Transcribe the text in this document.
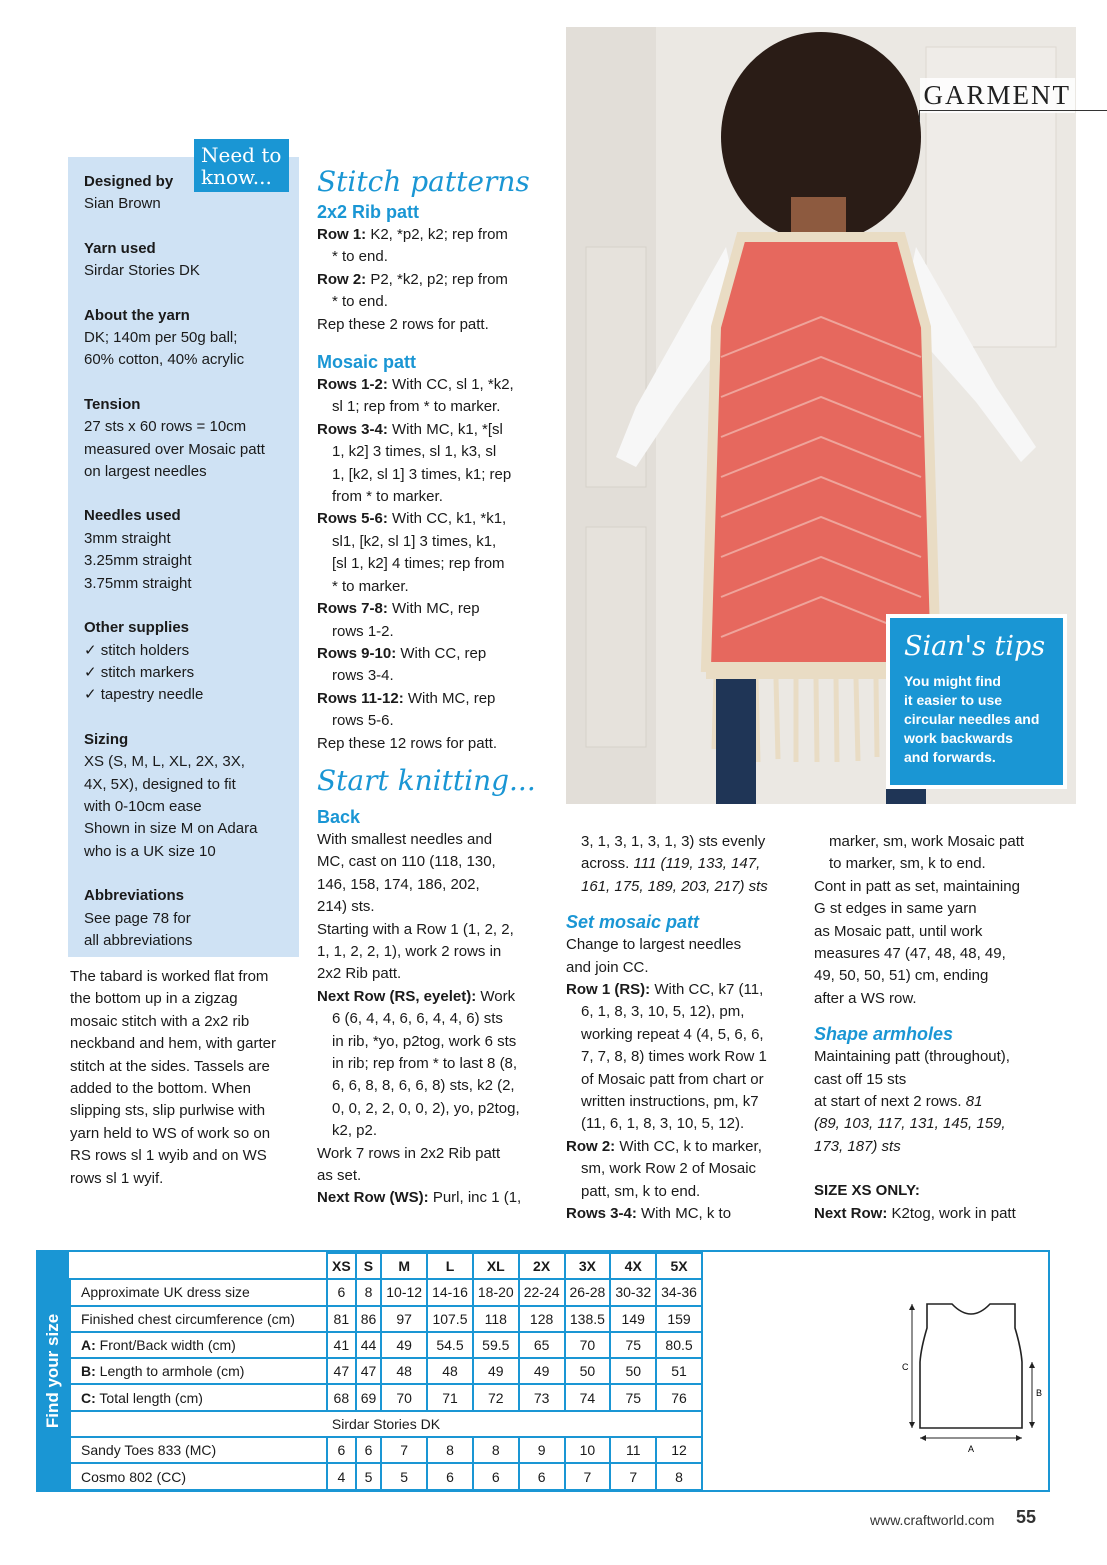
GARMENT
Sian's tips
You might find
it easier to use
circular needles and
work backwards
and forwards.
Designed by
Sian Brown
Yarn used
Sirdar Stories DK
About the yarn
DK; 140m per 50g ball;
60% cotton, 40% acrylic
Tension
27 sts x 60 rows = 10cm
measured over Mosaic patt
on largest needles
Needles used
3mm straight
3.25mm straight
3.75mm straight
Other supplies
✓ stitch holders
✓ stitch markers
✓ tapestry needle
Sizing
XS (S, M, L, XL, 2X, 3X,
4X, 5X), designed to fit
with 0-10cm ease
Shown in size M on Adara
who is a UK size 10
Abbreviations
See page 78 for
all abbreviations
Need to
know...
The tabard is worked flat from
the bottom up in a zigzag
mosaic stitch with a 2x2 rib
neckband and hem, with garter
stitch at the sides. Tassels are
added to the bottom. When
slipping sts, slip purlwise with
yarn held to WS of work so on
RS rows sl 1 wyib and on WS
rows sl 1 wyif.
Stitch patterns
2x2 Rib patt
Row 1: K2, *p2, k2; rep from
* to end.
Row 2: P2, *k2, p2; rep from
* to end.
Rep these 2 rows for patt.
Mosaic patt
Rows 1-2: With CC, sl 1, *k2,
sl 1; rep from * to marker.
Rows 3-4: With MC, k1, *[sl
1, k2] 3 times, sl 1, k3, sl
1, [k2, sl 1] 3 times, k1; rep
from * to marker.
Rows 5-6: With CC, k1, *k1,
sl1, [k2, sl 1] 3 times, k1,
[sl 1, k2] 4 times; rep from
* to marker.
Rows 7-8: With MC, rep
rows 1-2.
Rows 9-10: With CC, rep
rows 3-4.
Rows 11-12: With MC, rep
rows 5-6.
Rep these 12 rows for patt.
Start knitting...
Back
With smallest needles and
MC, cast on 110 (118, 130,
146, 158, 174, 186, 202,
214) sts.
Starting with a Row 1 (1, 2, 2,
1, 1, 2, 2, 1), work 2 rows in
2x2 Rib patt.
Next Row (RS, eyelet): Work
6 (6, 4, 4, 6, 6, 4, 4, 6) sts
in rib, *yo, p2tog, work 6 sts
in rib; rep from * to last 8 (8,
6, 6, 8, 8, 6, 6, 8) sts, k2 (2,
0, 0, 2, 2, 0, 0, 2), yo, p2tog,
k2, p2.
Work 7 rows in 2x2 Rib patt
as set.
Next Row (WS): Purl, inc 1 (1,
3, 1, 3, 1, 3, 1, 3) sts evenly
across. 111 (119, 133, 147,
161, 175, 189, 203, 217) sts
Set mosaic patt
Change to largest needles
and join CC.
Row 1 (RS): With CC, k7 (11,
6, 1, 8, 3, 10, 5, 12), pm,
working repeat 4 (4, 5, 6, 6,
7, 7, 8, 8) times work Row 1
of Mosaic patt from chart or
written instructions, pm, k7
(11, 6, 1, 8, 3, 10, 5, 12).
Row 2: With CC, k to marker,
sm, work Row 2 of Mosaic
patt, sm, k to end.
Rows 3-4: With MC, k to
marker, sm, work Mosaic patt
to marker, sm, k to end.
Cont in patt as set, maintaining
G st edges in same yarn
as Mosaic patt, until work
measures 47 (47, 48, 48, 49,
49, 50, 50, 51) cm, ending
after a WS row.
Shape armholes
Maintaining patt (throughout),
cast off 15 sts
at start of next 2 rows. 81
(89, 103, 117, 131, 145, 159,
173, 187) sts
SIZE XS ONLY:
Next Row: K2tog, work in patt
Find your size
	XS	S	M	L	XL	2X	3X	4X	5X
Approximate UK dress size	6	8	10-12	14-16	18-20	22-24	26-28	30-32	34-36
Finished chest circumference (cm)	81	86	97	107.5	118	128	138.5	149	159
A: Front/Back width (cm)	41	44	49	54.5	59.5	65	70	75	80.5
B: Length to armhole (cm)	47	47	48	48	49	49	50	50	51
C: Total length (cm)	68	69	70	71	72	73	74	75	76
Sirdar Stories DK									
Sandy Toes 833 (MC)	6	6	7	8	8	9	10	11	12
Cosmo 802 (CC)	4	5	5	6	6	6	7	7	8
C
B
A
www.craftworld.com 55
